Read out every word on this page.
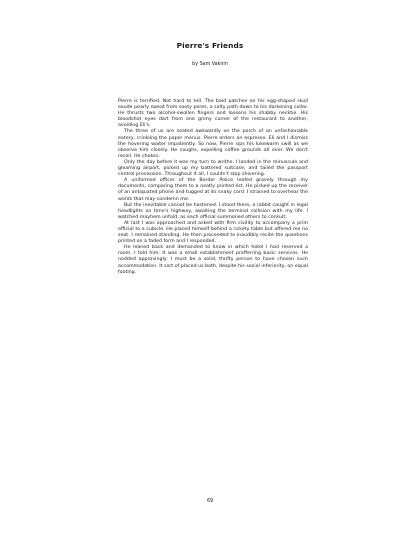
Pierre's Friends
by Sam Vaknin

Pierre is terrified. Not hard to tell. The bald patches on his egg-shaped skull exude pearly sweat from sooty pores, a salty path down to his darkening collar. He thrusts two alcohol-swollen fingers and loosens his shabby necktie. His bloodshot eyes dart from one grimy corner of the restaurant to another, avoiding Eli's.

The three of us are seated awkwardly on the porch of an unfashionable eatery, crinkling the paper menus. Pierre orders an espresso. Eli and I dismiss the hovering waiter impatiently. So now, Pierre sips his lukewarm swill as we observe him closely. He coughs, expelling coffee grounds all over. We don't recoil. He chokes.

Only the day before it was my turn to writhe. I landed in the minuscule and gleaming airport, picked up my battered suitcase, and tailed the passport control procession. Throughout it all, I couldn't stop shivering.

A uniformed officer of the Border Police leafed gravely through my documents, comparing them to a neatly printed list. He picked up the receiver of an antiquated phone and tugged at its snaky cord. I strained to overhear the words that may condemn me.

But the inevitable cannot be hastened. I stood there, a rabbit caught in legal headlights on time's highway, awaiting the terminal collision with my life. I watched mayhem unfold, as each official summoned others to consult.

At last I was approached and asked with firm civility to accompany a prim official to a cubicle. He placed himself behind a rickety table but offered me no seat. I remained standing. He then proceeded to inaudibly recite the questions printed on a faded form and I responded.

He leaned back and demanded to know in which hotel I had reserved a room. I told him. It was a small establishment profferring basic services. He nodded approvingly: I must be a solid, thrifty person to have chosen such accommodation. It sort of placed us both, despite his social inferiority, on equal footing.

69
